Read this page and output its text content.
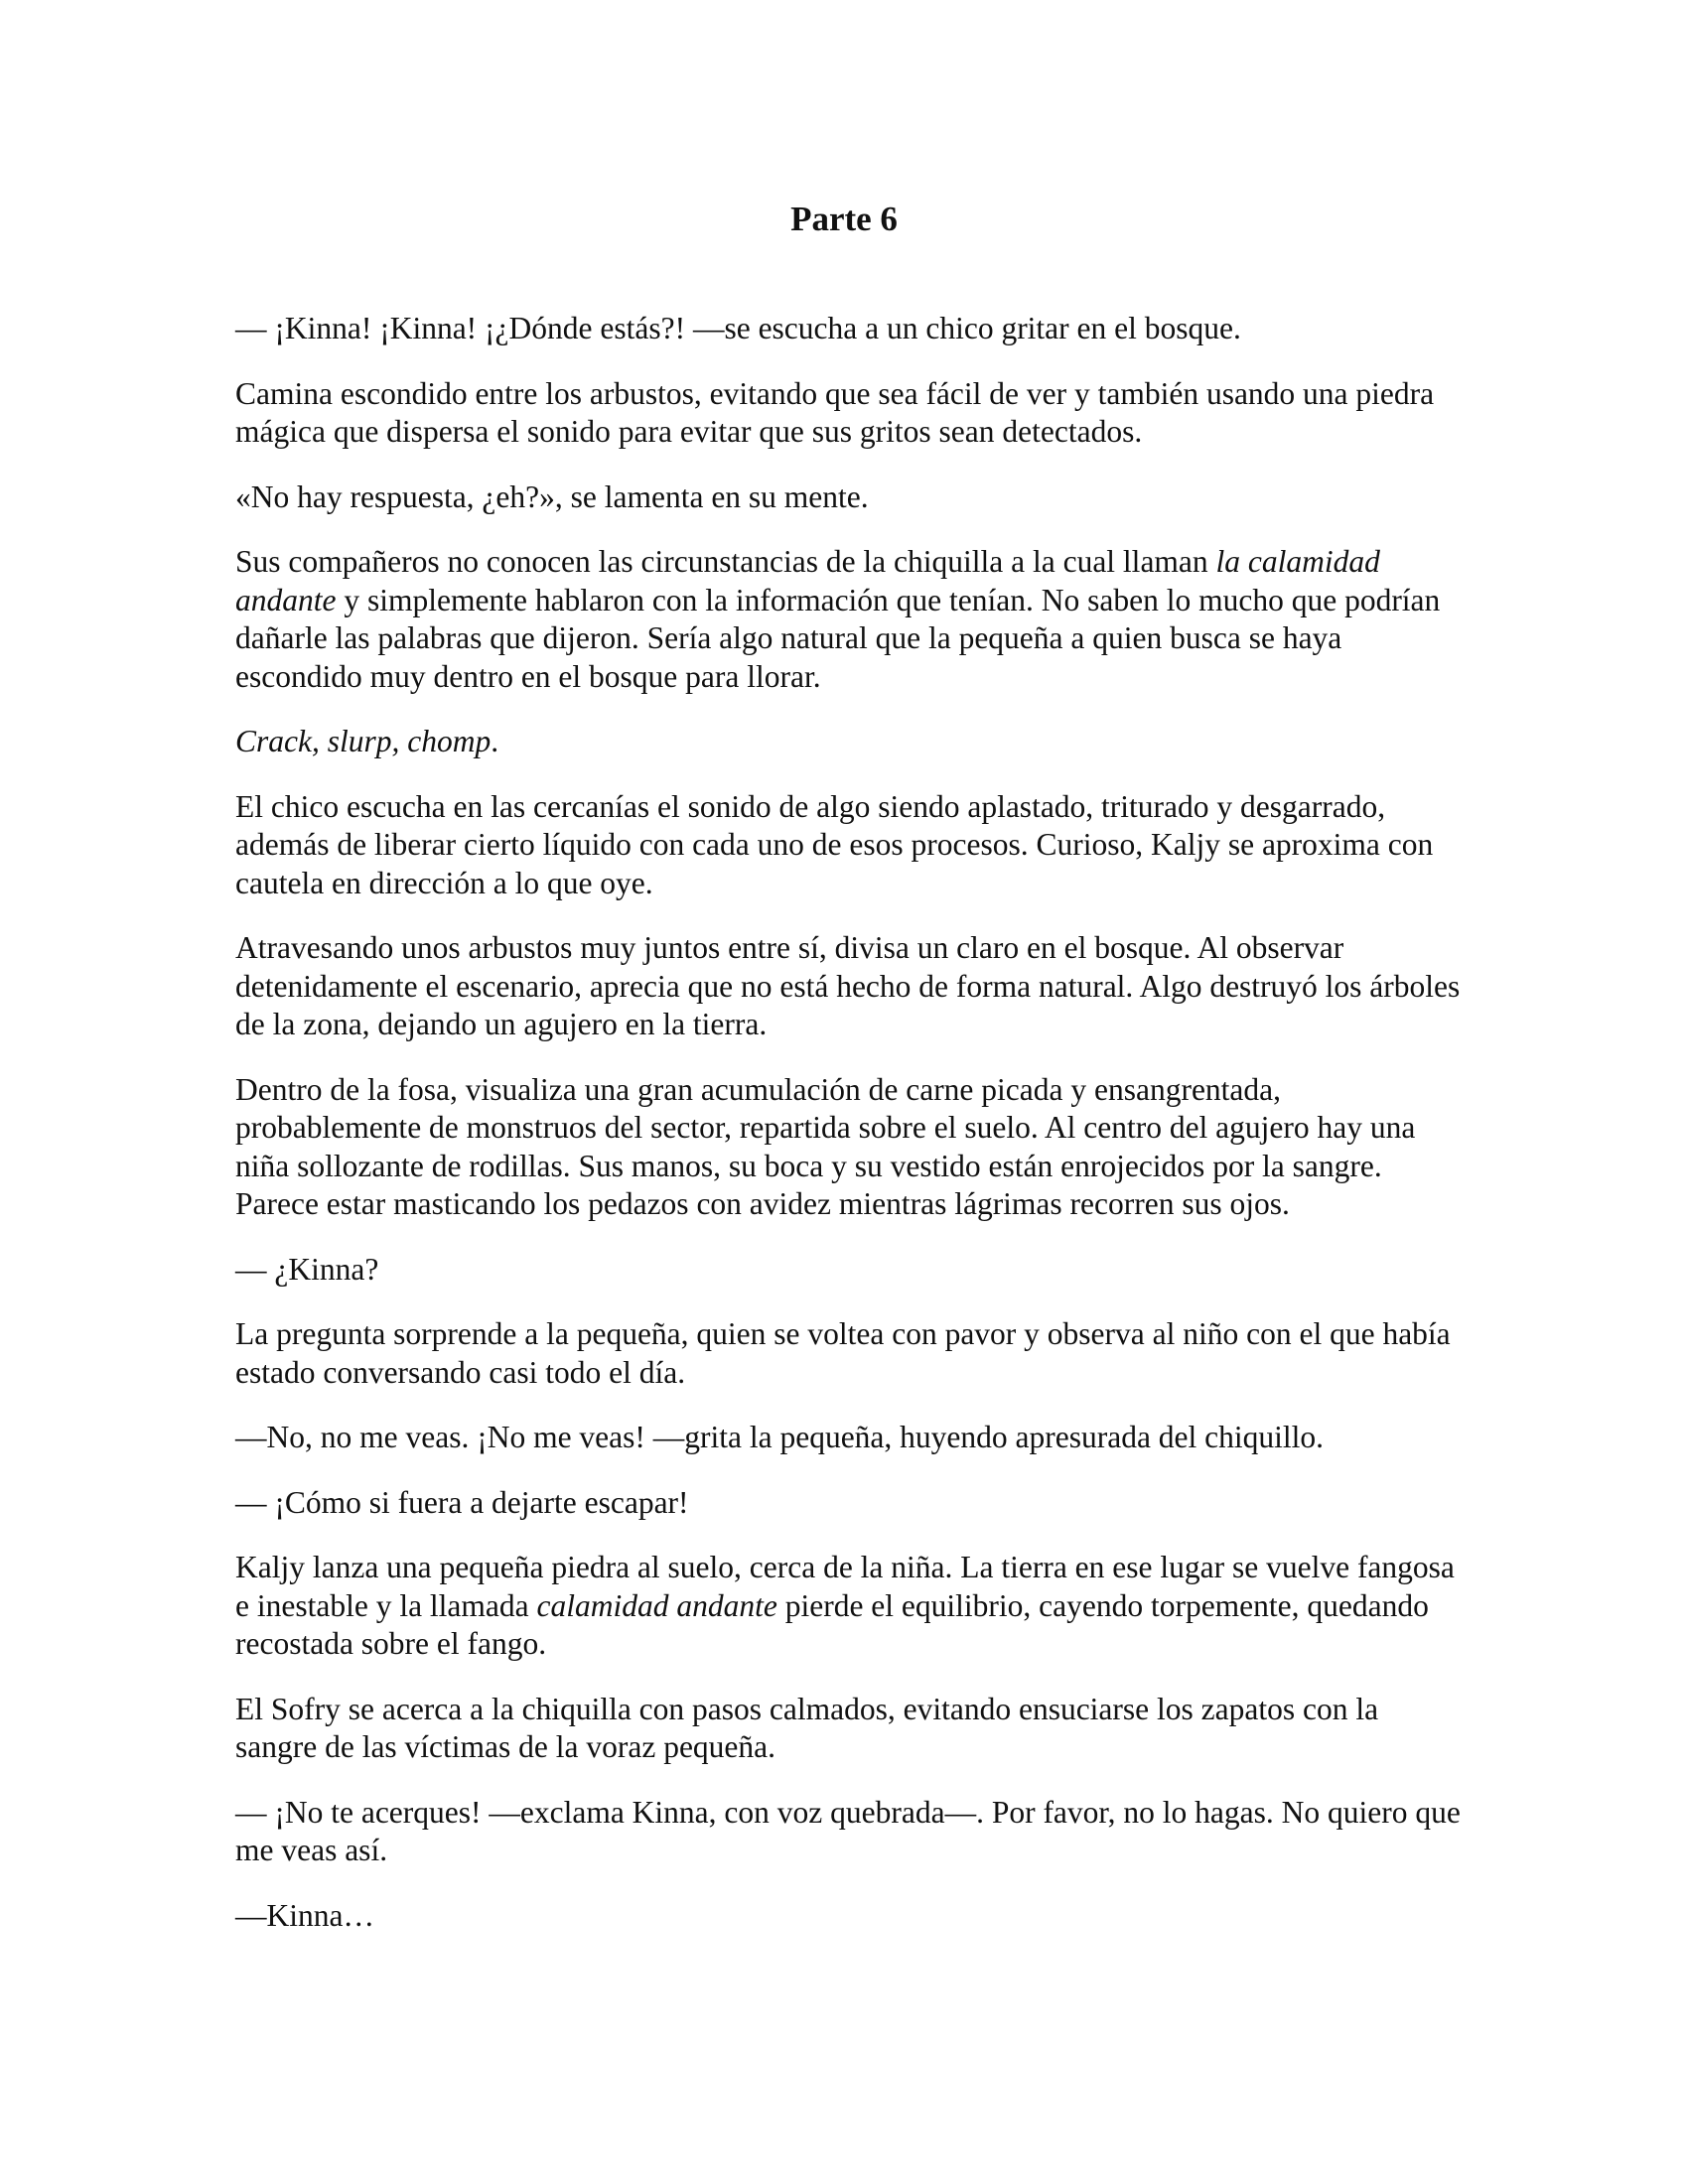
Parte 6

— ¡Kinna! ¡Kinna! ¡¿Dónde estás?! —se escucha a un chico gritar en el bosque.

Camina escondido entre los arbustos, evitando que sea fácil de ver y también usando una piedra mágica que dispersa el sonido para evitar que sus gritos sean detectados.

«No hay respuesta, ¿eh?», se lamenta en su mente.

Sus compañeros no conocen las circunstancias de la chiquilla a la cual llaman la calamidad andante y simplemente hablaron con la información que tenían. No saben lo mucho que podrían dañarle las palabras que dijeron. Sería algo natural que la pequeña a quien busca se haya escondido muy dentro en el bosque para llorar.

Crack, slurp, chomp.

El chico escucha en las cercanías el sonido de algo siendo aplastado, triturado y desgarrado, además de liberar cierto líquido con cada uno de esos procesos. Curioso, Kaljy se aproxima con cautela en dirección a lo que oye.

Atravesando unos arbustos muy juntos entre sí, divisa un claro en el bosque. Al observar detenidamente el escenario, aprecia que no está hecho de forma natural. Algo destruyó los árboles de la zona, dejando un agujero en la tierra.

Dentro de la fosa, visualiza una gran acumulación de carne picada y ensangrentada, probablemente de monstruos del sector, repartida sobre el suelo. Al centro del agujero hay una niña sollozante de rodillas. Sus manos, su boca y su vestido están enrojecidos por la sangre. Parece estar masticando los pedazos con avidez mientras lágrimas recorren sus ojos.

— ¿Kinna?

La pregunta sorprende a la pequeña, quien se voltea con pavor y observa al niño con el que había estado conversando casi todo el día.

—No, no me veas. ¡No me veas! —grita la pequeña, huyendo apresurada del chiquillo.

— ¡Cómo si fuera a dejarte escapar!

Kaljy lanza una pequeña piedra al suelo, cerca de la niña. La tierra en ese lugar se vuelve fangosa e inestable y la llamada calamidad andante pierde el equilibrio, cayendo torpemente, quedando recostada sobre el fango.

El Sofry se acerca a la chiquilla con pasos calmados, evitando ensuciarse los zapatos con la sangre de las víctimas de la voraz pequeña.

— ¡No te acerques! —exclama Kinna, con voz quebrada—. Por favor, no lo hagas. No quiero que me veas así.

—Kinna…
